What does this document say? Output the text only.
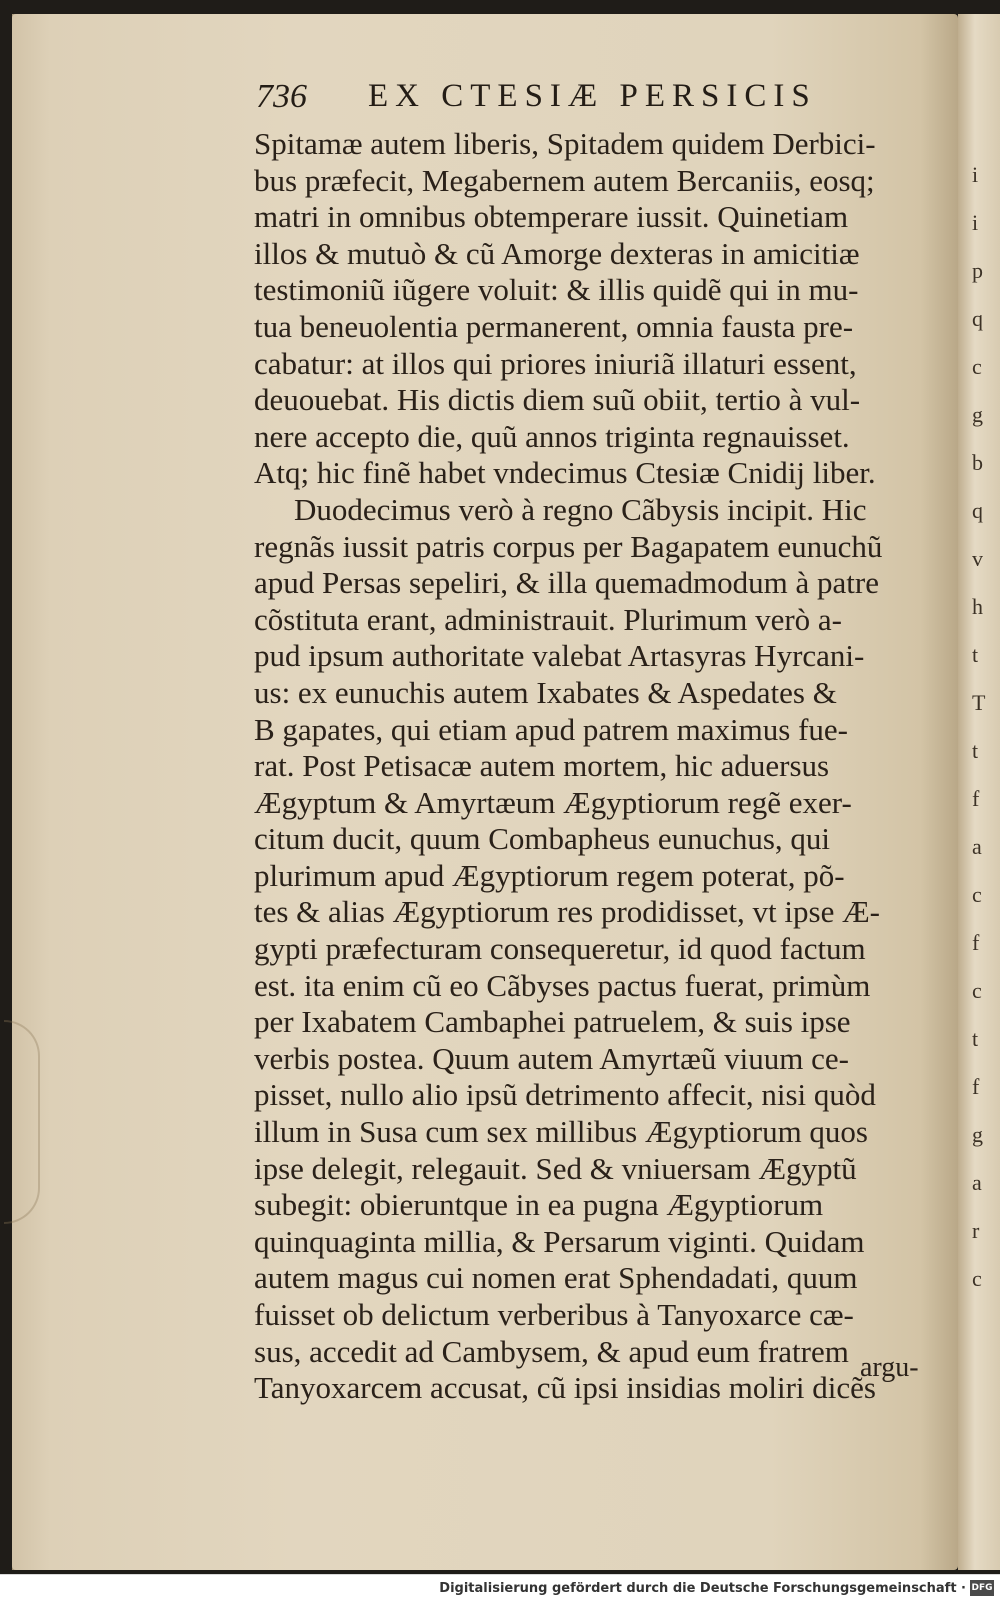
i
i
p
q
c
g
b
q
v
h
t
T
t
f
a
c
f
c
t
f
g
a
r
c
736 EX CTESIÆ PERSICIS
Spitamæ autem liberis, Spitadem quidem Derbici-
bus præfecit, Megabernem autem Bercaniis, eosq;
matri in omnibus obtemperare iussit. Quinetiam
illos & mutuò & cũ Amorge dexteras in amicitiæ
testimoniũ iũgere voluit: & illis quidẽ qui in mu-
tua beneuolentia permanerent, omnia fausta pre-
cabatur: at illos qui priores iniuriã illaturi essent,
deuouebat. His dictis diem suũ obiit, tertio à vul-
nere accepto die, quũ annos triginta regnauisset.
Atq; hic finẽ habet vndecimus Ctesiæ Cnidij liber.
Duodecimus verò à regno Cãbysis incipit. Hic
regnãs iussit patris corpus per Bagapatem eunuchũ
apud Persas sepeliri, & illa quemadmodum à patre
cõstituta erant, administrauit. Plurimum verò a-
pud ipsum authoritate valebat Artasyras Hyrcani-
us: ex eunuchis autem Ixabates & Aspedates &
B gapates, qui etiam apud patrem maximus fue-
rat. Post Petisacæ autem mortem, hic aduersus
Ægyptum & Amyrtæum Ægyptiorum regẽ exer-
citum ducit, quum Combapheus eunuchus, qui
plurimum apud Ægyptiorum regem poterat, põ-
tes & alias Ægyptiorum res prodidisset, vt ipse Æ-
gypti præfecturam consequeretur, id quod factum
est. ita enim cũ eo Cãbyses pactus fuerat, primùm
per Ixabatem Cambaphei patruelem, & suis ipse
verbis postea. Quum autem Amyrtæũ viuum ce-
pisset, nullo alio ipsũ detrimento affecit, nisi quòd
illum in Susa cum sex millibus Ægyptiorum quos
ipse delegit, relegauit. Sed & vniuersam Ægyptũ
subegit: obieruntque in ea pugna Ægyptiorum
quinquaginta millia, & Persarum viginti. Quidam
autem magus cui nomen erat Sphendadati, quum
fuisset ob delictum verberibus à Tanyoxarce cæ-
sus, accedit ad Cambysem, & apud eum fratrem
Tanyoxarcem accusat, cũ ipsi insidias moliri dicẽs
argu-
Digitalisierung gefördert durch die Deutsche Forschungsgemeinschaft · DFG
